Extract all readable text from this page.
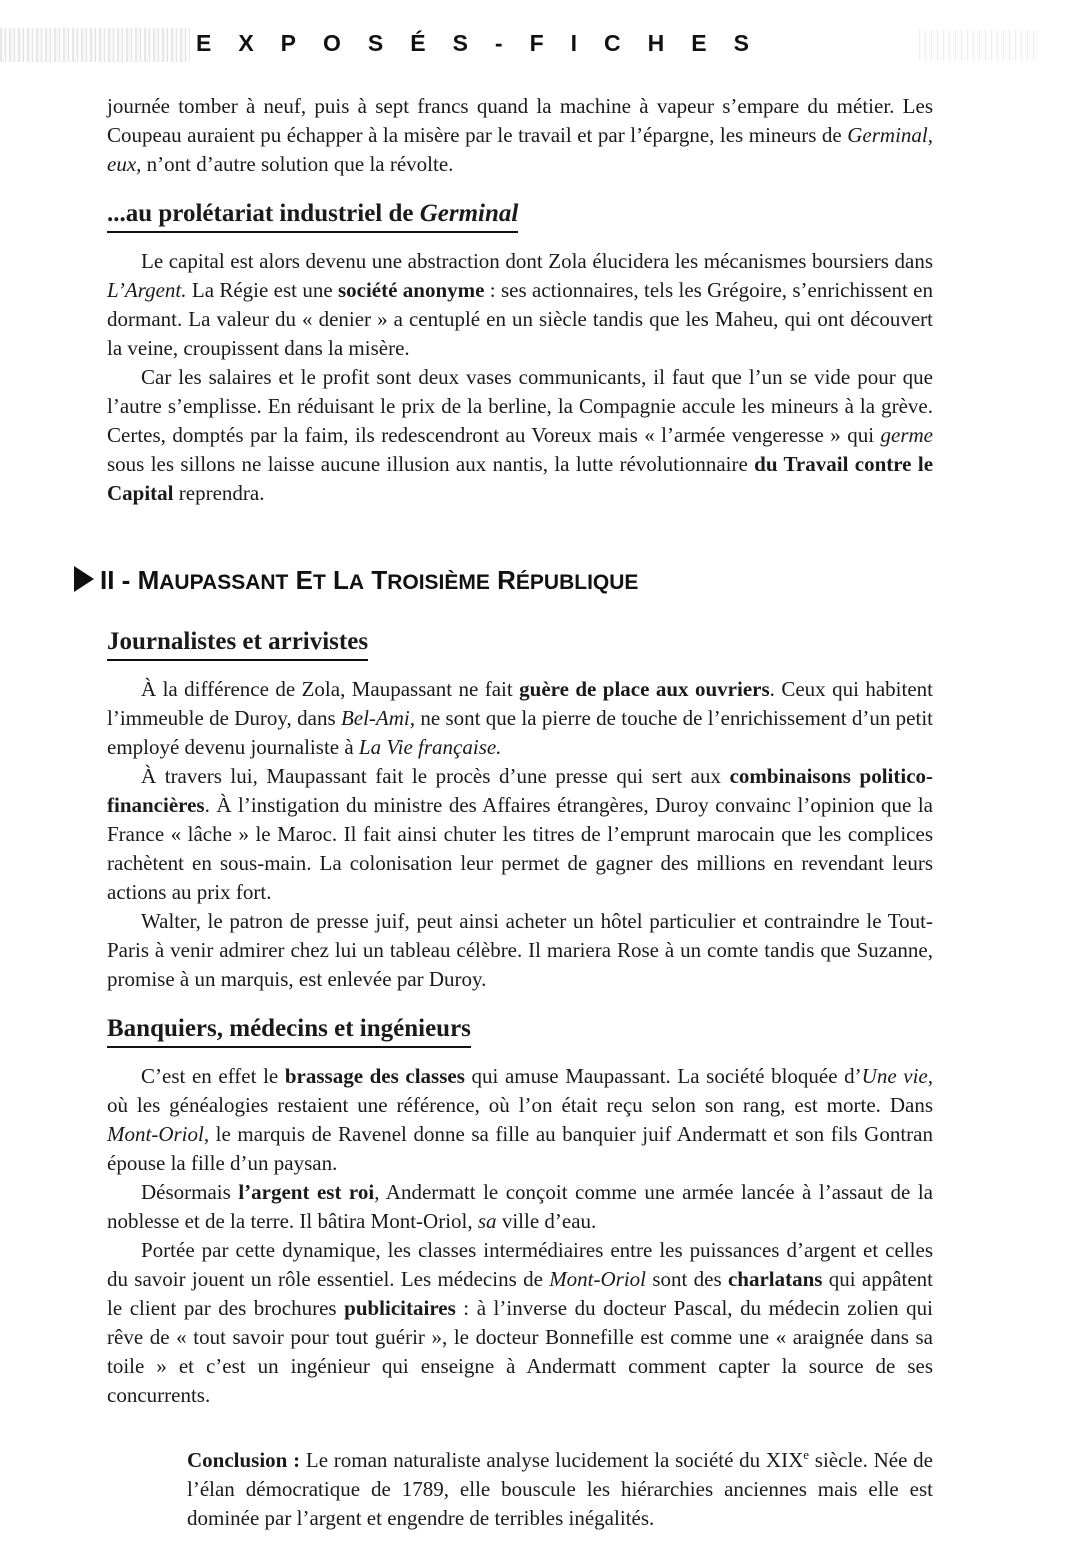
EXPOSÉS-FICHES

journée tomber à neuf, puis à sept francs quand la machine à vapeur s’empare du métier. Les Coupeau auraient pu échapper à la misère par le travail et par l’épargne, les mineurs de Germinal, eux, n’ont d’autre solution que la révolte.

...au prolétariat industriel de Germinal

Le capital est alors devenu une abstraction dont Zola élucidera les mécanismes boursiers dans L’Argent. La Régie est une société anonyme : ses actionnaires, tels les Grégoire, s’enrichissent en dormant. La valeur du « denier » a centuplé en un siècle tandis que les Maheu, qui ont découvert la veine, croupissent dans la misère.

Car les salaires et le profit sont deux vases communicants, il faut que l’un se vide pour que l’autre s’emplisse. En réduisant le prix de la berline, la Compagnie accule les mineurs à la grève. Certes, domptés par la faim, ils redescendront au Voreux mais « l’armée vengeresse » qui germe sous les sillons ne laisse aucune illusion aux nantis, la lutte révolutionnaire du Travail contre le Capital reprendra.

II - MAUPASSANT ET LA TROISIÈME RÉPUBLIQUE
Journalistes et arrivistes

À la différence de Zola, Maupassant ne fait guère de place aux ouvriers. Ceux qui habitent l’immeuble de Duroy, dans Bel-Ami, ne sont que la pierre de touche de l’enrichissement d’un petit employé devenu journaliste à La Vie française.

À travers lui, Maupassant fait le procès d’une presse qui sert aux combinaisons politico-financières. À l’instigation du ministre des Affaires étrangères, Duroy convainc l’opinion que la France « lâche » le Maroc. Il fait ainsi chuter les titres de l’emprunt marocain que les complices rachètent en sous-main. La colonisation leur permet de gagner des millions en revendant leurs actions au prix fort.

Walter, le patron de presse juif, peut ainsi acheter un hôtel particulier et contraindre le Tout-Paris à venir admirer chez lui un tableau célèbre. Il mariera Rose à un comte tandis que Suzanne, promise à un marquis, est enlevée par Duroy.

Banquiers, médecins et ingénieurs

C’est en effet le brassage des classes qui amuse Maupassant. La société bloquée d’Une vie, où les généalogies restaient une référence, où l’on était reçu selon son rang, est morte. Dans Mont-Oriol, le marquis de Ravenel donne sa fille au banquier juif Andermatt et son fils Gontran épouse la fille d’un paysan.

Désormais l’argent est roi, Andermatt le conçoit comme une armée lancée à l’assaut de la noblesse et de la terre. Il bâtira Mont-Oriol, sa ville d’eau.

Portée par cette dynamique, les classes intermédiaires entre les puissances d’argent et celles du savoir jouent un rôle essentiel. Les médecins de Mont-Oriol sont des charlatans qui appâtent le client par des brochures publicitaires : à l’inverse du docteur Pascal, du médecin zolien qui rêve de « tout savoir pour tout guérir », le docteur Bonnefille est comme une « araignée dans sa toile » et c’est un ingénieur qui enseigne à Andermatt comment capter la source de ses concurrents.

Conclusion : Le roman naturaliste analyse lucidement la société du XIXe siècle. Née de l’élan démocratique de 1789, elle bouscule les hiérarchies anciennes mais elle est dominée par l’argent et engendre de terribles inégalités.
